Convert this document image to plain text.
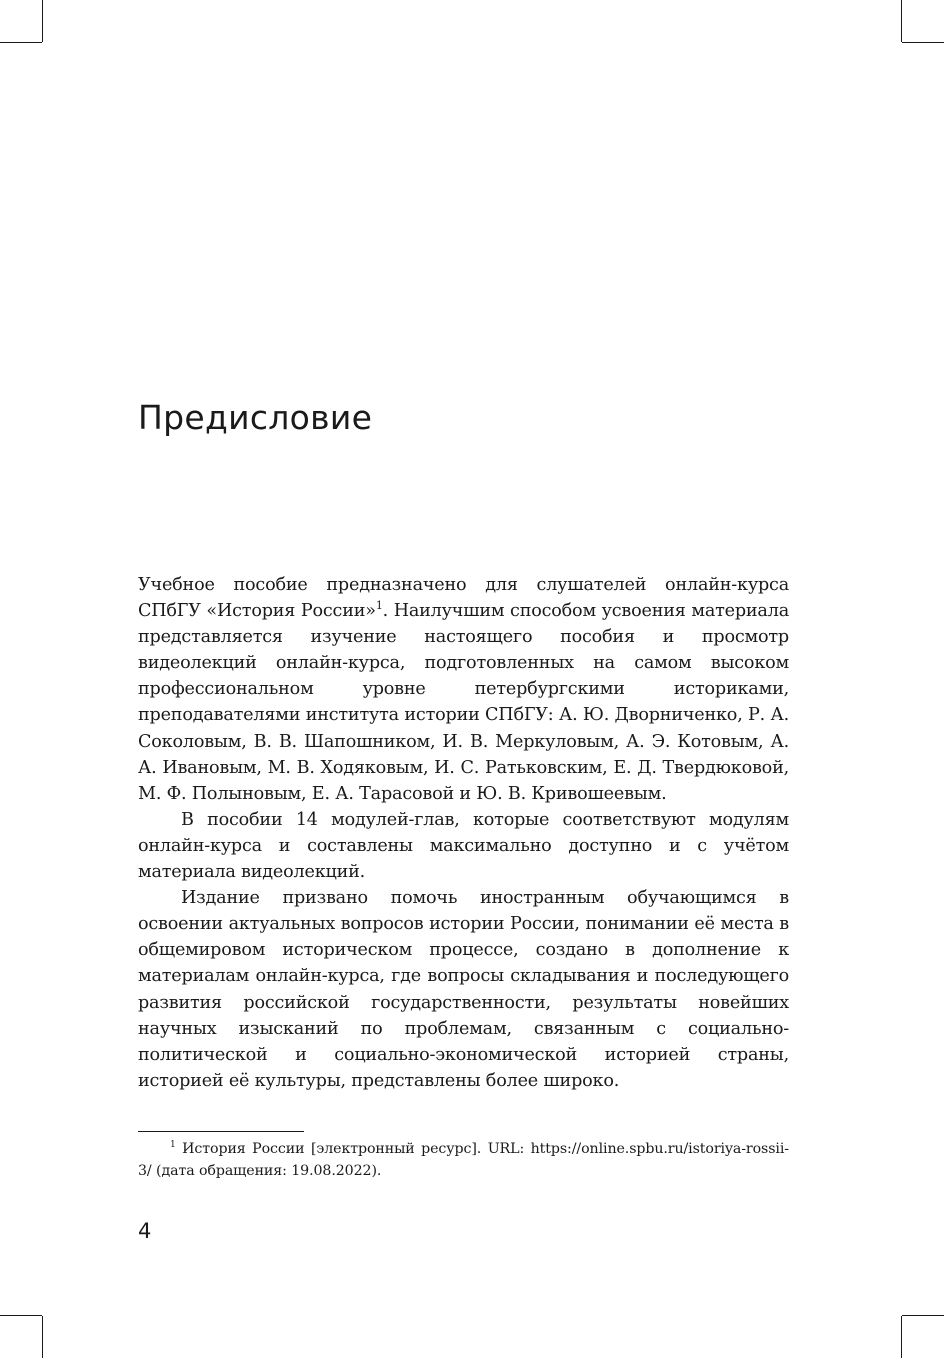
Предисловие

Учебное пособие предназначено для слушателей онлайн-курса СПбГУ «История России»$^1$. Наилучшим способом усвоения материала представляется изучение настоящего пособия и просмотр видеолекций онлайн-курса, подготовленных на самом высоком профессиональном уровне петербургскими историками, преподавателями института истории СПбГУ: А. Ю. Дворниченко, Р. А. Соколовым, В. В. Шапошником, И. В. Меркуловым, А. Э. Котовым, А. А. Ивановым, М. В. Ходяковым, И. С. Ратьковским, Е. Д. Твердюковой, М. Ф. Полыновым, Е. А. Тарасовой и Ю. В. Кривошеевым.

В пособии 14 модулей-глав, которые соответствуют модулям онлайн-курса и составлены максимально доступно и с учётом материала видеолекций.

Издание призвано помочь иностранным обучающимся в освоении актуальных вопросов истории России, понимании её места в общемировом историческом процессе, создано в дополнение к материалам онлайн-курса, где вопросы складывания и последующего развития российской государственности, результаты новейших научных изысканий по проблемам, связанным с социально-политической и социально-экономической историей страны, историей её культуры, представлены более широко.

$^1$ История России [электронный ресурс]. URL: https://online.spbu.ru/istoriya-rossii-3/ (дата обращения: 19.08.2022).

4
